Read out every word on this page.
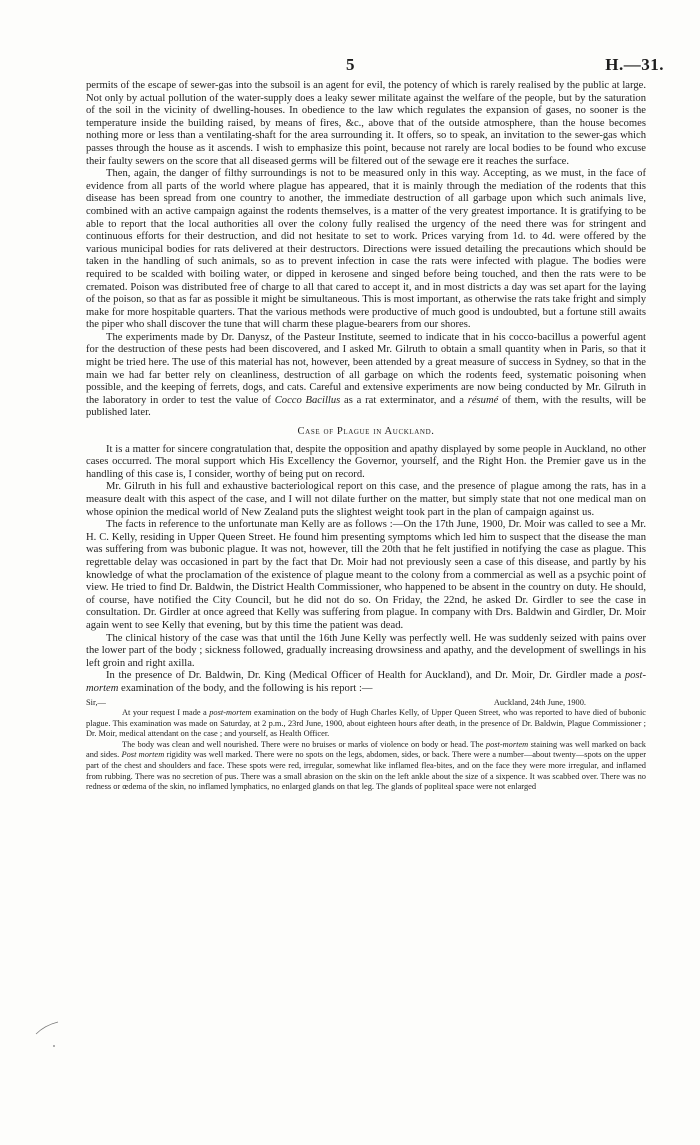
5	H.—31.

permits of the escape of sewer-gas into the subsoil is an agent for evil, the potency of which is rarely realised by the public at large. Not only by actual pollution of the water-supply does a leaky sewer militate against the welfare of the people, but by the saturation of the soil in the vicinity of dwelling-houses. In obedience to the law which regulates the expansion of gases, no sooner is the temperature inside the building raised, by means of fires, &c., above that of the outside atmosphere, than the house becomes nothing more or less than a ventilating-shaft for the area surrounding it. It offers, so to speak, an invitation to the sewer-gas which passes through the house as it ascends. I wish to emphasize this point, because not rarely are local bodies to be found who excuse their faulty sewers on the score that all diseased germs will be filtered out of the sewage ere it reaches the surface.

Then, again, the danger of filthy surroundings is not to be measured only in this way. Accepting, as we must, in the face of evidence from all parts of the world where plague has appeared, that it is mainly through the mediation of the rodents that this disease has been spread from one country to another, the immediate destruction of all garbage upon which such animals live, combined with an active campaign against the rodents themselves, is a matter of the very greatest importance. It is gratifying to be able to report that the local authorities all over the colony fully realised the urgency of the need there was for stringent and continuous efforts for their destruction, and did not hesitate to set to work. Prices varying from 1d. to 4d. were offered by the various municipal bodies for rats delivered at their destructors. Directions were issued detailing the precautions which should be taken in the handling of such animals, so as to prevent infection in case the rats were infected with plague. The bodies were required to be scalded with boiling water, or dipped in kerosene and singed before being touched, and then the rats were to be cremated. Poison was distributed free of charge to all that cared to accept it, and in most districts a day was set apart for the laying of the poison, so that as far as possible it might be simultaneous. This is most important, as otherwise the rats take fright and simply make for more hospitable quarters. That the various methods were productive of much good is undoubted, but a fortune still awaits the piper who shall discover the tune that will charm these plague-bearers from our shores.

The experiments made by Dr. Danysz, of the Pasteur Institute, seemed to indicate that in his cocco-bacillus a powerful agent for the destruction of these pests had been discovered, and I asked Mr. Gilruth to obtain a small quantity when in Paris, so that it might be tried here. The use of this material has not, however, been attended by a great measure of success in Sydney, so that in the main we had far better rely on cleanliness, destruction of all garbage on which the rodents feed, systematic poisoning when possible, and the keeping of ferrets, dogs, and cats. Careful and extensive experiments are now being conducted by Mr. Gilruth in the laboratory in order to test the value of Cocco Bacillus as a rat exterminator, and a résumé of them, with the results, will be published later.

Case of Plague in Auckland.

It is a matter for sincere congratulation that, despite the opposition and apathy displayed by some people in Auckland, no other cases occurred. The moral support which His Excellency the Governor, yourself, and the Right Hon. the Premier gave us in the handling of this case is, I consider, worthy of being put on record.

Mr. Gilruth in his full and exhaustive bacteriological report on this case, and the presence of plague among the rats, has in a measure dealt with this aspect of the case, and I will not dilate further on the matter, but simply state that not one medical man on whose opinion the medical world of New Zealand puts the slightest weight took part in the plan of campaign against us.

The facts in reference to the unfortunate man Kelly are as follows :—On the 17th June, 1900, Dr. Moir was called to see a Mr. H. C. Kelly, residing in Upper Queen Street. He found him presenting symptoms which led him to suspect that the disease the man was suffering from was bubonic plague. It was not, however, till the 20th that he felt justified in notifying the case as plague. This regrettable delay was occasioned in part by the fact that Dr. Moir had not previously seen a case of this disease, and partly by his knowledge of what the proclamation of the existence of plague meant to the colony from a commercial as well as a psychic point of view. He tried to find Dr. Baldwin, the District Health Commissioner, who happened to be absent in the country on duty. He should, of course, have notified the City Council, but he did not do so. On Friday, the 22nd, he asked Dr. Girdler to see the case in consultation. Dr. Girdler at once agreed that Kelly was suffering from plague. In company with Drs. Baldwin and Girdler, Dr. Moir again went to see Kelly that evening, but by this time the patient was dead.

The clinical history of the case was that until the 16th June Kelly was perfectly well. He was suddenly seized with pains over the lower part of the body ; sickness followed, gradually increasing drowsiness and apathy, and the development of swellings in his left groin and right axilla.

In the presence of Dr. Baldwin, Dr. King (Medical Officer of Health for Auckland), and Dr. Moir, Dr. Girdler made a post-mortem examination of the body, and the following is his report :—

Sir,—	Auckland, 24th June, 1900.

At your request I made a post-mortem examination on the body of Hugh Charles Kelly, of Upper Queen Street, who was reported to have died of bubonic plague. This examination was made on Saturday, at 2 p.m., 23rd June, 1900, about eighteen hours after death, in the presence of Dr. Baldwin, Plague Commissioner ; Dr. Moir, medical attendant on the case ; and yourself, as Health Officer.

The body was clean and well nourished. There were no bruises or marks of violence on body or head. The post-mortem staining was well marked on back and sides. Post mortem rigidity was well marked. There were no spots on the legs, abdomen, sides, or back. There were a number—about twenty—spots on the upper part of the chest and shoulders and face. These spots were red, irregular, somewhat like inflamed flea-bites, and on the face they were more irregular, and inflamed from rubbing. There was no secretion of pus. There was a small abrasion on the skin on the left ankle about the size of a sixpence. It was scabbed over. There was no redness or œdema of the skin, no inflamed lymphatics, no enlarged glands on that leg. The glands of popliteal space were not enlarged
